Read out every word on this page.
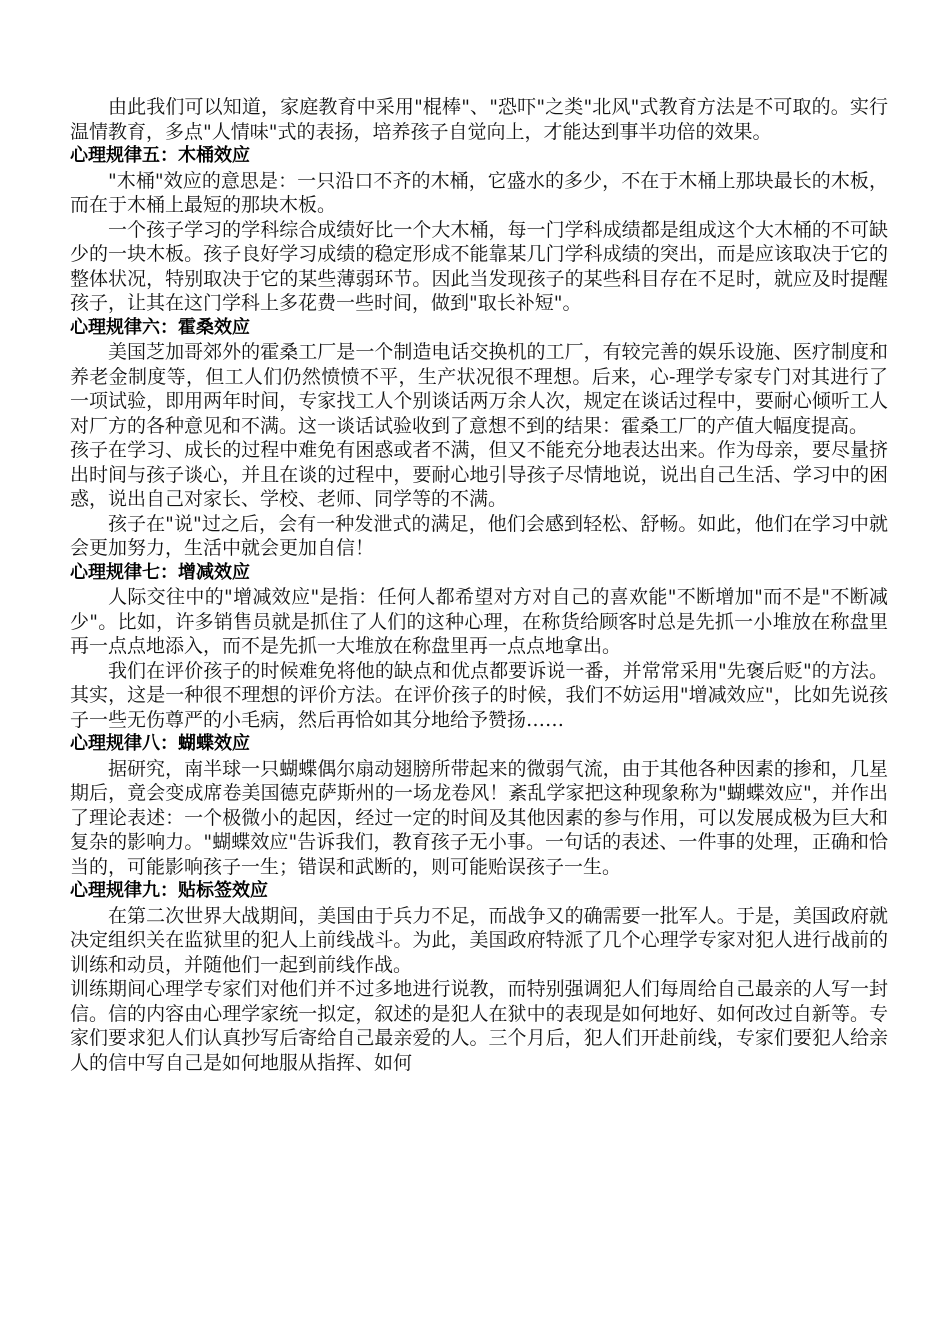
由此我们可以知道，家庭教育中采用"棍棒"、"恐吓"之类"北风"式教育方法是不可取的。实行温情教育，多点"人情味"式的表扬，培养孩子自觉向上，才能达到事半功倍的效果。

心理规律五：木桶效应

"木桶"效应的意思是：一只沿口不齐的木桶，它盛水的多少，不在于木桶上那块最长的木板，而在于木桶上最短的那块木板。

一个孩子学习的学科综合成绩好比一个大木桶，每一门学科成绩都是组成这个大木桶的不可缺少的一块木板。孩子良好学习成绩的稳定形成不能靠某几门学科成绩的突出，而是应该取决于它的整体状况，特别取决于它的某些薄弱环节。因此当发现孩子的某些科目存在不足时，就应及时提醒孩子，让其在这门学科上多花费一些时间，做到"取长补短"。

心理规律六：霍桑效应

美国芝加哥郊外的霍桑工厂是一个制造电话交换机的工厂，有较完善的娱乐设施、医疗制度和养老金制度等，但工人们仍然愤愤不平，生产状况很不理想。后来，心-理学专家专门对其进行了一项试验，即用两年时间，专家找工人个别谈话两万余人次，规定在谈话过程中，要耐心倾听工人对厂方的各种意见和不满。这一谈话试验收到了意想不到的结果：霍桑工厂的产值大幅度提高。

孩子在学习、成长的过程中难免有困惑或者不满，但又不能充分地表达出来。作为母亲，要尽量挤出时间与孩子谈心，并且在谈的过程中，要耐心地引导孩子尽情地说，说出自己生活、学习中的困惑，说出自己对家长、学校、老师、同学等的不满。

孩子在"说"过之后，会有一种发泄式的满足，他们会感到轻松、舒畅。如此，他们在学习中就会更加努力，生活中就会更加自信！

心理规律七：增减效应

人际交往中的"增减效应"是指：任何人都希望对方对自己的喜欢能"不断增加"而不是"不断减少"。比如，许多销售员就是抓住了人们的这种心理，在称货给顾客时总是先抓一小堆放在称盘里再一点点地添入，而不是先抓一大堆放在称盘里再一点点地拿出。

我们在评价孩子的时候难免将他的缺点和优点都要诉说一番，并常常采用"先褒后贬"的方法。其实，这是一种很不理想的评价方法。在评价孩子的时候，我们不妨运用"增减效应"，比如先说孩子一些无伤尊严的小毛病，然后再恰如其分地给予赞扬……

心理规律八：蝴蝶效应

据研究，南半球一只蝴蝶偶尔扇动翅膀所带起来的微弱气流，由于其他各种因素的掺和，几星期后，竟会变成席卷美国德克萨斯州的一场龙卷风！紊乱学家把这种现象称为"蝴蝶效应"，并作出了理论表述：一个极微小的起因，经过一定的时间及其他因素的参与作用，可以发展成极为巨大和复杂的影响力。"蝴蝶效应"告诉我们，教育孩子无小事。一句话的表述、一件事的处理，正确和恰当的，可能影响孩子一生；错误和武断的，则可能贻误孩子一生。

心理规律九：贴标签效应

在第二次世界大战期间，美国由于兵力不足，而战争又的确需要一批军人。于是，美国政府就决定组织关在监狱里的犯人上前线战斗。为此，美国政府特派了几个心理学专家对犯人进行战前的训练和动员，并随他们一起到前线作战。

训练期间心理学专家们对他们并不过多地进行说教，而特别强调犯人们每周给自己最亲的人写一封信。信的内容由心理学家统一拟定，叙述的是犯人在狱中的表现是如何地好、如何改过自新等。专家们要求犯人们认真抄写后寄给自己最亲爱的人。三个月后，犯人们开赴前线，专家们要犯人给亲人的信中写自己是如何地服从指挥、如何
